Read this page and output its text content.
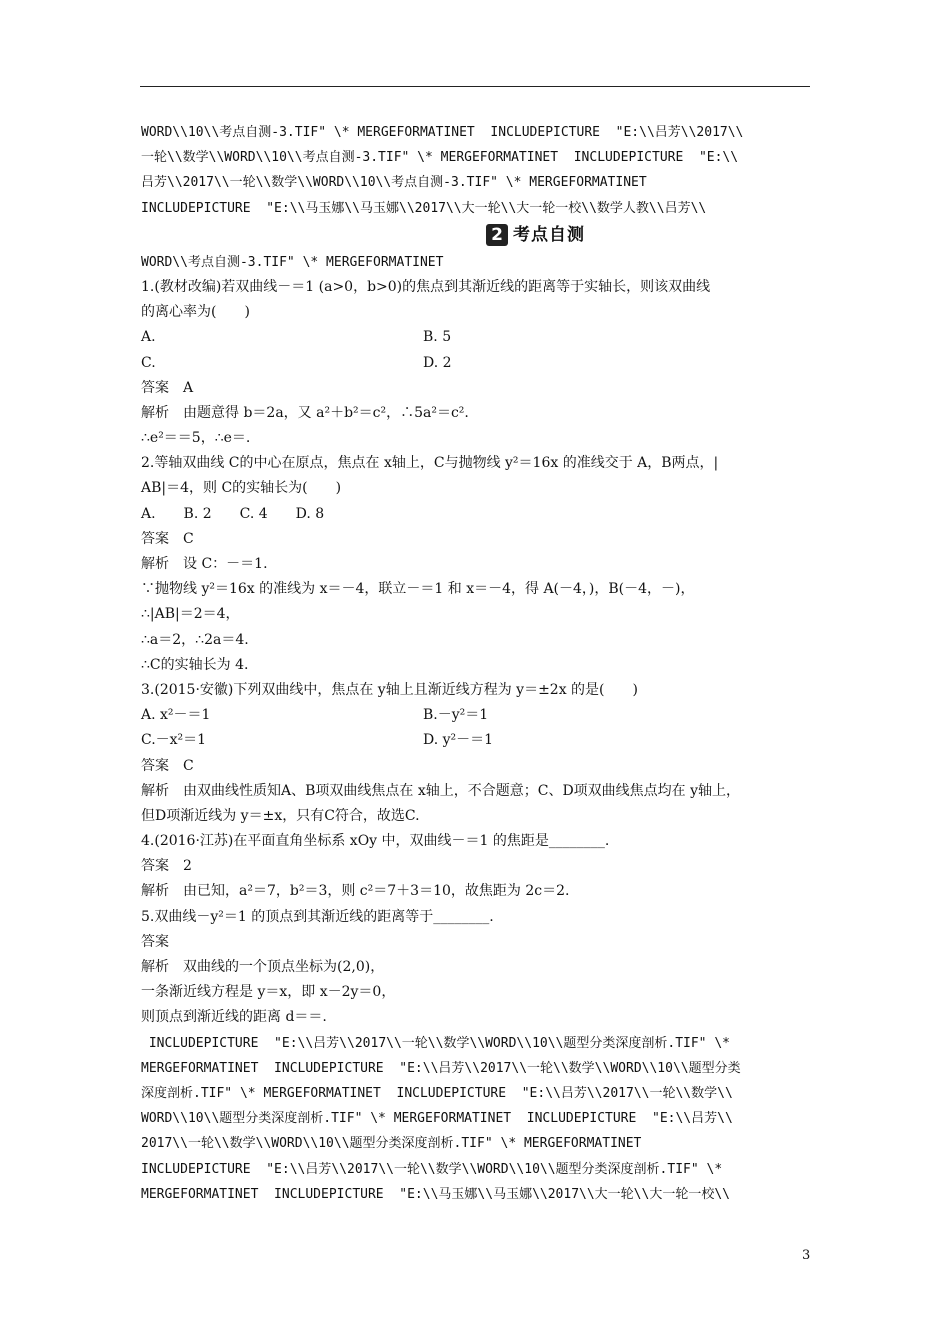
WORD\\10\\考点自测-3.TIF" \* MERGEFORMATINET  INCLUDEPICTURE  "E:\\吕芳\\2017\\
一轮\\数学\\WORD\\10\\考点自测-3.TIF" \* MERGEFORMATINET  INCLUDEPICTURE  "E:\\
吕芳\\2017\\一轮\\数学\\WORD\\10\\考点自测-3.TIF" \* MERGEFORMATINET
INCLUDEPICTURE  "E:\\马玉娜\\马玉娜\\2017\\大一轮\\大一轮一校\\数学人教\\吕芳\\
2 考点自测
WORD\\考点自测-3.TIF" \* MERGEFORMATINET
1.(教材改编)若双曲线－＝1 (a>0，b>0)的焦点到其渐近线的距离等于实轴长，则该双曲线
的离心率为(　　)
A.	B. 5
C.	D. 2
答案　A
解析　由题意得 b＝2a，又 a²＋b²＝c²，∴5a²＝c².
∴e²＝＝5，∴e＝.
2.等轴双曲线 C的中心在原点，焦点在 x轴上，C与抛物线 y²＝16x 的准线交于 A，B两点，|
AB|＝4，则 C的实轴长为(　　)
A.　　B. 2　　C. 4　　D. 8
答案　C
解析　设 C：－＝1.
∵抛物线 y²＝16x 的准线为 x＝－4，联立－＝1 和 x＝－4，得 A(－4，)，B(－4，－)，
∴|AB|＝2＝4，
∴a＝2，∴2a＝4.
∴C的实轴长为 4.
3.(2015·安徽)下列双曲线中，焦点在 y轴上且渐近线方程为 y＝±2x 的是(　　)
A. x²－＝1	B.－y²＝1
C.－x²＝1	D. y²－＝1
答案　C
解析　由双曲线性质知A、B项双曲线焦点在 x轴上，不合题意；C、D项双曲线焦点均在 y轴上，
但D项渐近线为 y＝±x，只有C符合，故选C.
4.(2016·江苏)在平面直角坐标系 xOy 中，双曲线－＝1 的焦距是________.
答案　2
解析　由已知，a²＝7，b²＝3，则 c²＝7＋3＝10，故焦距为 2c＝2.
5.双曲线－y²＝1 的顶点到其渐近线的距离等于________.
答案
解析　双曲线的一个顶点坐标为(2,0)，
一条渐近线方程是 y＝x，即 x－2y＝0，
则顶点到渐近线的距离 d＝＝.
INCLUDEPICTURE  "E:\\吕芳\\2017\\一轮\\数学\\WORD\\10\\题型分类深度剖析.TIF" \*
MERGEFORMATINET  INCLUDEPICTURE  "E:\\吕芳\\2017\\一轮\\数学\\WORD\\10\\题型分类
深度剖析.TIF" \* MERGEFORMATINET  INCLUDEPICTURE  "E:\\吕芳\\2017\\一轮\\数学\\
WORD\\10\\题型分类深度剖析.TIF" \* MERGEFORMATINET  INCLUDEPICTURE  "E:\\吕芳\\
2017\\一轮\\数学\\WORD\\10\\题型分类深度剖析.TIF" \* MERGEFORMATINET
INCLUDEPICTURE  "E:\\吕芳\\2017\\一轮\\数学\\WORD\\10\\题型分类深度剖析.TIF" \*
MERGEFORMATINET  INCLUDEPICTURE  "E:\\马玉娜\\马玉娜\\2017\\大一轮\\大一轮一校\\
3
